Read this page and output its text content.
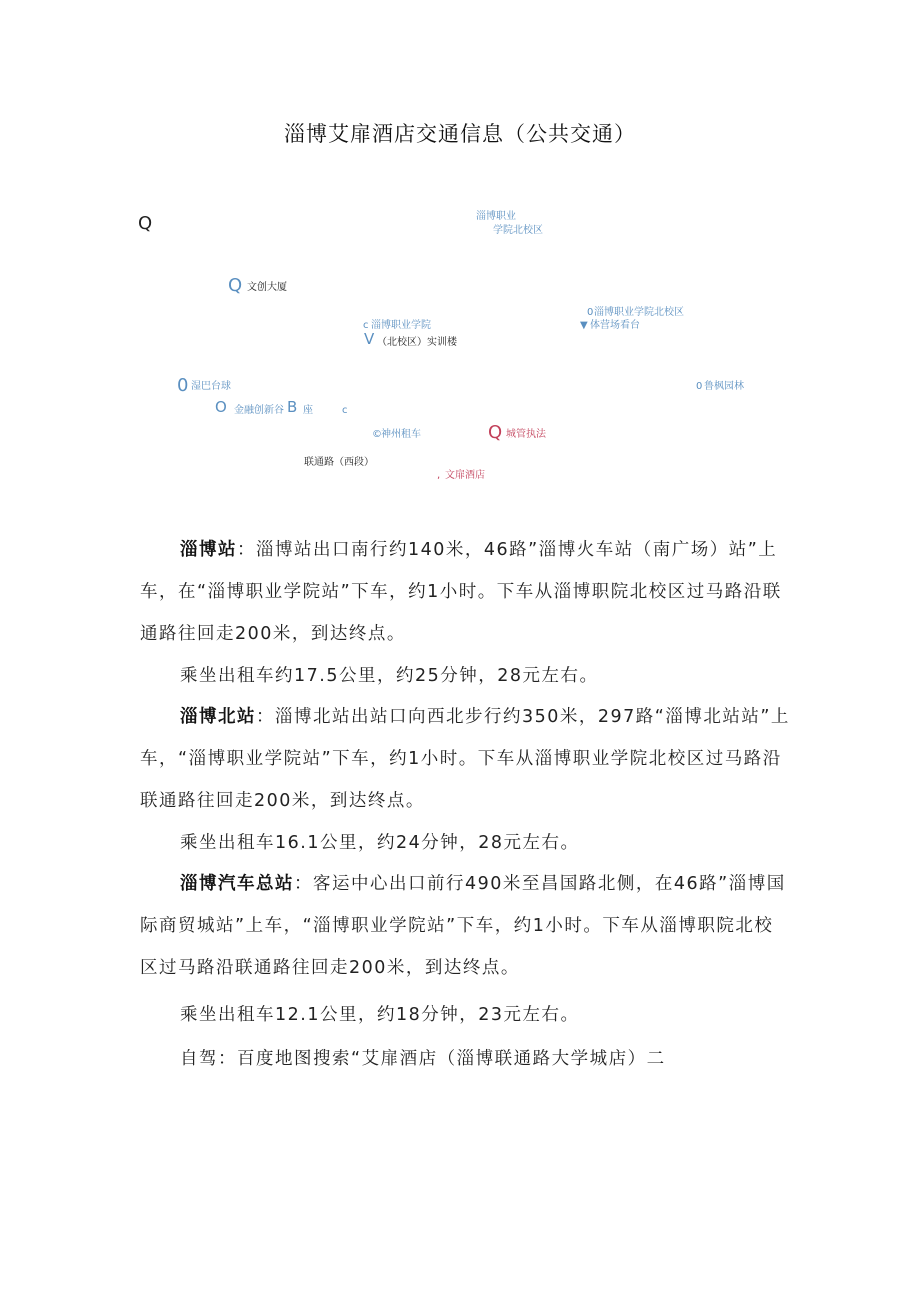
淄博艾扉酒店交通信息（公共交通）
Q	淄博职业
学院北校区
Q 文创大厦
0 淄博职业学院北校区
▼ 体营场看台
c 淄博职业学院
V （北校区）实训楼
0 湿巴台球	0 鲁枫园林
O 金融创新谷 B 座	c
© 神州租车	Q 城管执法
联通路（西段）
, 文扉酒店

淄博站：淄博站出口南行约140米，46路”淄博火车站（南广场）站”上车，在“淄博职业学院站”下车，约1小时。下车从淄博职院北校区过马路沿联通路往回走200米，到达终点。

乘坐出租车约17.5公里，约25分钟，28元左右。

淄博北站：淄博北站出站口向西北步行约350米，297路“淄博北站站”上车，“淄博职业学院站”下车，约1小时。下车从淄博职业学院北校区过马路沿联通路往回走200米，到达终点。

乘坐出租车16.1公里，约24分钟，28元左右。

淄博汽车总站：客运中心出口前行490米至昌国路北侧，在46路”淄博国际商贸城站”上车，“淄博职业学院站”下车，约1小时。下车从淄博职院北校区过马路沿联通路往回走200米，到达终点。

乘坐出租车12.1公里，约18分钟，23元左右。

自驾：百度地图搜索“艾扉酒店（淄博联通路大学城店）二
